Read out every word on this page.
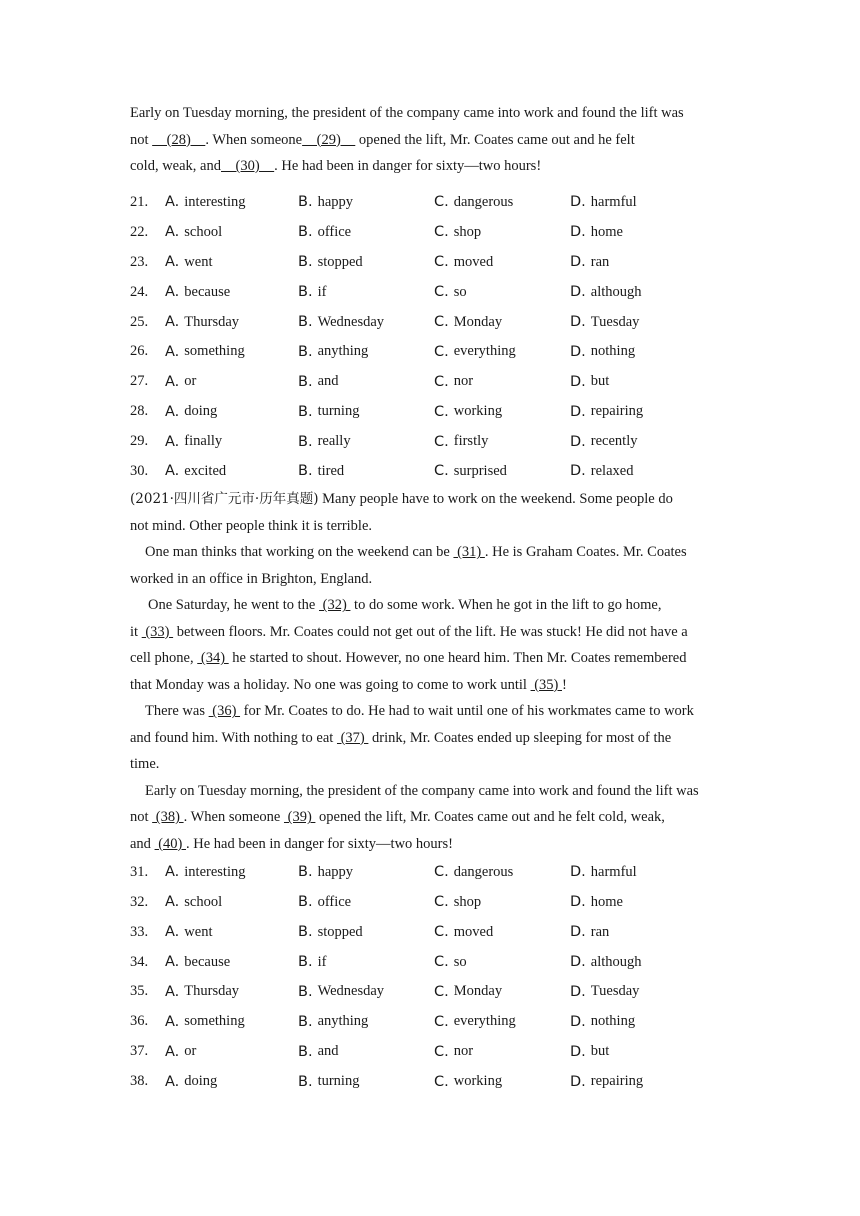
Early on Tuesday morning, the president of the company came into work and found the lift was

not     (28)    . When someone    (29)     opened the lift, Mr. Coates came out and he felt

cold, weak, and    (30)    . He had been in danger for sixty—two hours!

21.	A. interesting	B. happy	C. dangerous	D. harmful
22.	A. school	B. office	C. shop	D. home
23.	A. went	B. stopped	C. moved	D. ran
24.	A. because	B. if	C. so	D. although
25.	A. Thursday	B. Wednesday	C. Monday	D. Tuesday
26.	A. something	B. anything	C. everything	D. nothing
27.	A. or	B. and	C. nor	D. but
28.	A. doing	B. turning	C. working	D. repairing
29.	A. finally	B. really	C. firstly	D. recently
30.	A. excited	B. tired	C. surprised	D. relaxed

(2021·四川省广元市·历年真题) Many people have to work on the weekend. Some people do

not mind. Other people think it is terrible.

One man thinks that working on the weekend can be  (31) . He is Graham Coates. Mr. Coates

worked in an office in Brighton, England.

One Saturday, he went to the  (32)  to do some work. When he got in the lift to go home,

it  (33)  between floors. Mr. Coates could not get out of the lift. He was stuck! He did not have a

cell phone,  (34)  he started to shout. However, no one heard him. Then Mr. Coates remembered

that Monday was a holiday. No one was going to come to work until  (35) !

There was  (36)  for Mr. Coates to do. He had to wait until one of his workmates came to work

and found him. With nothing to eat  (37)  drink, Mr. Coates ended up sleeping for most of the

time.

Early on Tuesday morning, the president of the company came into work and found the lift was

not  (38) . When someone  (39)  opened the lift, Mr. Coates came out and he felt cold, weak,

and  (40) . He had been in danger for sixty—two hours!

31.	A. interesting	B. happy	C. dangerous	D. harmful
32.	A. school	B. office	C. shop	D. home
33.	A. went	B. stopped	C. moved	D. ran
34.	A. because	B. if	C. so	D. although
35.	A. Thursday	B. Wednesday	C. Monday	D. Tuesday
36.	A. something	B. anything	C. everything	D. nothing
37.	A. or	B. and	C. nor	D. but
38.	A. doing	B. turning	C. working	D. repairing
